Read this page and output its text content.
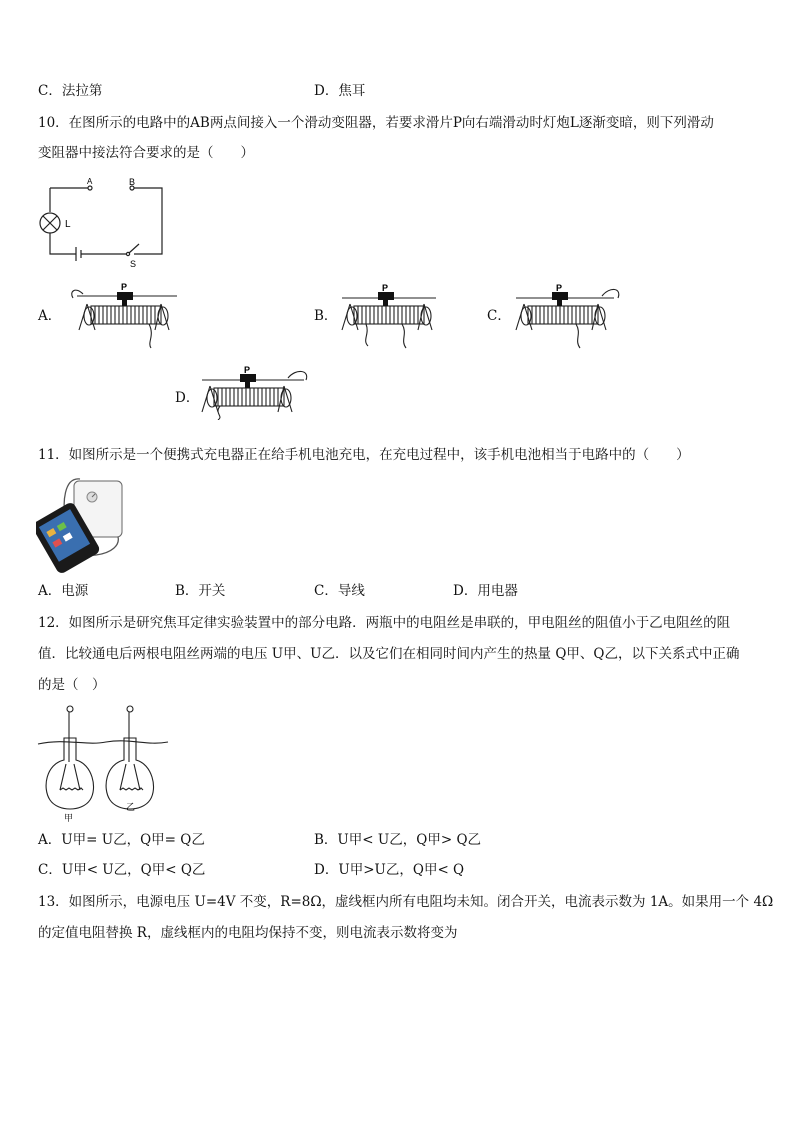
C．法拉第	D．焦耳
10．在图所示的电路中的AB两点间接入一个滑动变阻器，若要求滑片P向右端滑动时灯炮L逐渐变暗，则下列滑动
变阻器中接法符合要求的是（　　）
A	B
L
S
A．	B．	C．
D．
P	P	P
P
11．如图所示是一个便携式充电器正在给手机电池充电，在充电过程中，该手机电池相当于电路中的（　　）
A．电源	B．开关	C．导线	D．用电器
12．如图所示是研究焦耳定律实验装置中的部分电路．两瓶中的电阻丝是串联的，甲电阻丝的阻值小于乙电阻丝的阻
值．比较通电后两根电阻丝两端的电压 U甲、U乙．以及它们在相同时间内产生的热量 Q甲、Q乙，以下关系式中正确
的是（　）
甲
乙
A．U甲= U乙，Q甲= Q乙	B．U甲< U乙，Q甲> Q乙
C．U甲< U乙，Q甲< Q乙	D．U甲>U乙，Q甲< Q
13．如图所示，电源电压 U=4V 不变，R=8Ω，虚线框内所有电阻均未知。闭合开关，电流表示数为 1A。如果用一个 4Ω
的定值电阻替换 R，虚线框内的电阻均保持不变，则电流表示数将变为
